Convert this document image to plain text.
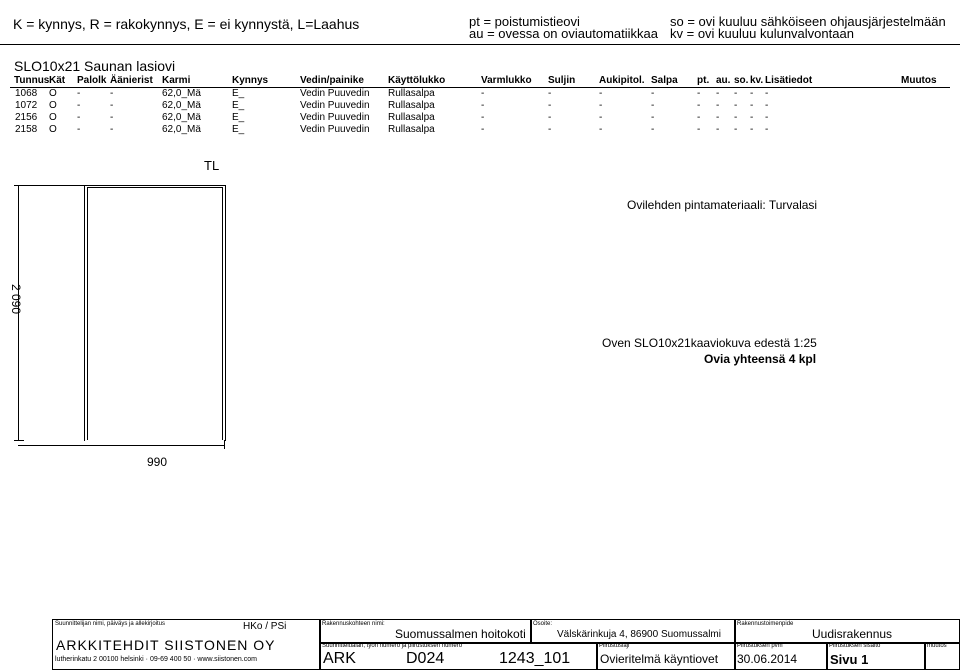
K = kynnys, R = rakokynnys, E = ei kynnystä, L=Laahus	pt = poistumistieovi
au = ovessa on oviautomatiikkaa
so = ovi kuuluu sähköiseen ohjausjärjestelmään
kv = ovi kuuluu kulunvalvontaan
SLO10x21 Saunan lasiovi
Tunnus Kät Palolk Äänierist Karmi	Kynnys	Vedin/painike Käyttölukko	Varmlukko Suljin Aukipitol. Salpa pt. au. so. kv. Lisätiedot	Muutos
1068 O -	-	62,0_Mä	E_	Vedin Puuvedin Rullasalpa	-	-	-	-	- - - - -
1072 O -	-	62,0_Mä	E_	Vedin Puuvedin Rullasalpa	-	-	-	-	- - - - -
2156 O -	-	62,0_Mä	E_	Vedin Puuvedin Rullasalpa	-	-	-	-	- - - - -
2158 O -	-	62,0_Mä	E_	Vedin Puuvedin Rullasalpa	-	-	-	-	- - - - -
TL
2 090
990
Ovilehden pintamateriaali: Turvalasi
Oven SLO10x21kaaviokuva edestä 1:25
Ovia yhteensä 4 kpl
Suunnittelijan nimi, päiväys ja allekirjoitus	HKo / PSi
ARKKITEHDIT SIISTONEN OY
lutherinkatu 2 00100 helsinki · 09-69 400 50 · www.siistonen.com
Rakennuskohteen nimi:
Suomussalmen hoitokoti
Osoite:
Välskärinkuja 4, 86900 Suomussalmi
Rakennustoimenpide
Uudisrakennus
Suunnittelualan, työn numero ja piirustuksen numero
ARK	D024	1243_101
Piirustuslaji
Ovieritelmä käyntiovet
Piirustuksen pvm
30.06.2014
Piirustuksen sisältö
Sivu 1
muutos
